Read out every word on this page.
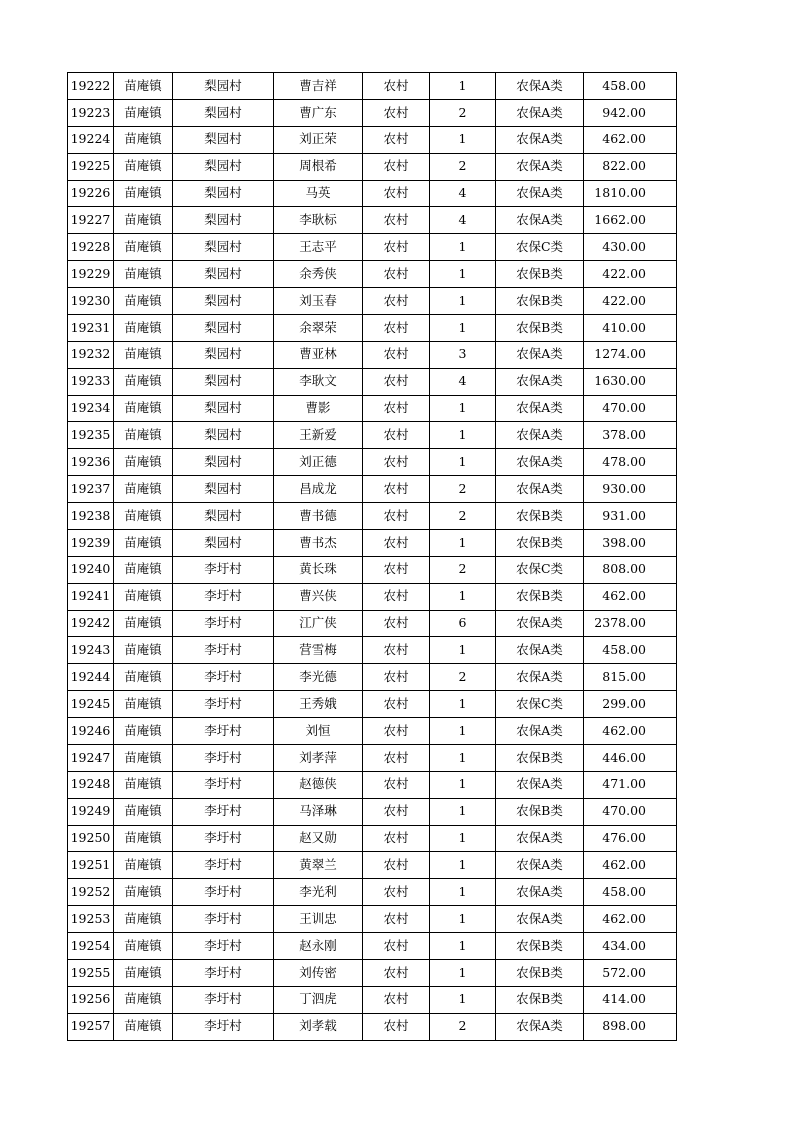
19222	苗庵镇	梨园村	曹吉祥	农村	1	农保A类	458.00
19223	苗庵镇	梨园村	曹广东	农村	2	农保A类	942.00
19224	苗庵镇	梨园村	刘正荣	农村	1	农保A类	462.00
19225	苗庵镇	梨园村	周根希	农村	2	农保A类	822.00
19226	苗庵镇	梨园村	马英	农村	4	农保A类	1810.00
19227	苗庵镇	梨园村	李耿标	农村	4	农保A类	1662.00
19228	苗庵镇	梨园村	王志平	农村	1	农保C类	430.00
19229	苗庵镇	梨园村	余秀侠	农村	1	农保B类	422.00
19230	苗庵镇	梨园村	刘玉春	农村	1	农保B类	422.00
19231	苗庵镇	梨园村	余翠荣	农村	1	农保B类	410.00
19232	苗庵镇	梨园村	曹亚林	农村	3	农保A类	1274.00
19233	苗庵镇	梨园村	李耿文	农村	4	农保A类	1630.00
19234	苗庵镇	梨园村	曹影	农村	1	农保A类	470.00
19235	苗庵镇	梨园村	王新爱	农村	1	农保A类	378.00
19236	苗庵镇	梨园村	刘正德	农村	1	农保A类	478.00
19237	苗庵镇	梨园村	昌成龙	农村	2	农保A类	930.00
19238	苗庵镇	梨园村	曹书德	农村	2	农保B类	931.00
19239	苗庵镇	梨园村	曹书杰	农村	1	农保B类	398.00
19240	苗庵镇	李圩村	黄长珠	农村	2	农保C类	808.00
19241	苗庵镇	李圩村	曹兴侠	农村	1	农保B类	462.00
19242	苗庵镇	李圩村	江广侠	农村	6	农保A类	2378.00
19243	苗庵镇	李圩村	营雪梅	农村	1	农保A类	458.00
19244	苗庵镇	李圩村	李光德	农村	2	农保A类	815.00
19245	苗庵镇	李圩村	王秀娥	农村	1	农保C类	299.00
19246	苗庵镇	李圩村	刘恒	农村	1	农保A类	462.00
19247	苗庵镇	李圩村	刘孝萍	农村	1	农保B类	446.00
19248	苗庵镇	李圩村	赵德侠	农村	1	农保A类	471.00
19249	苗庵镇	李圩村	马泽琳	农村	1	农保B类	470.00
19250	苗庵镇	李圩村	赵又勋	农村	1	农保A类	476.00
19251	苗庵镇	李圩村	黄翠兰	农村	1	农保A类	462.00
19252	苗庵镇	李圩村	李光利	农村	1	农保A类	458.00
19253	苗庵镇	李圩村	王训忠	农村	1	农保A类	462.00
19254	苗庵镇	李圩村	赵永刚	农村	1	农保B类	434.00
19255	苗庵镇	李圩村	刘传密	农村	1	农保B类	572.00
19256	苗庵镇	李圩村	丁泗虎	农村	1	农保B类	414.00
19257	苗庵镇	李圩村	刘孝载	农村	2	农保A类	898.00
